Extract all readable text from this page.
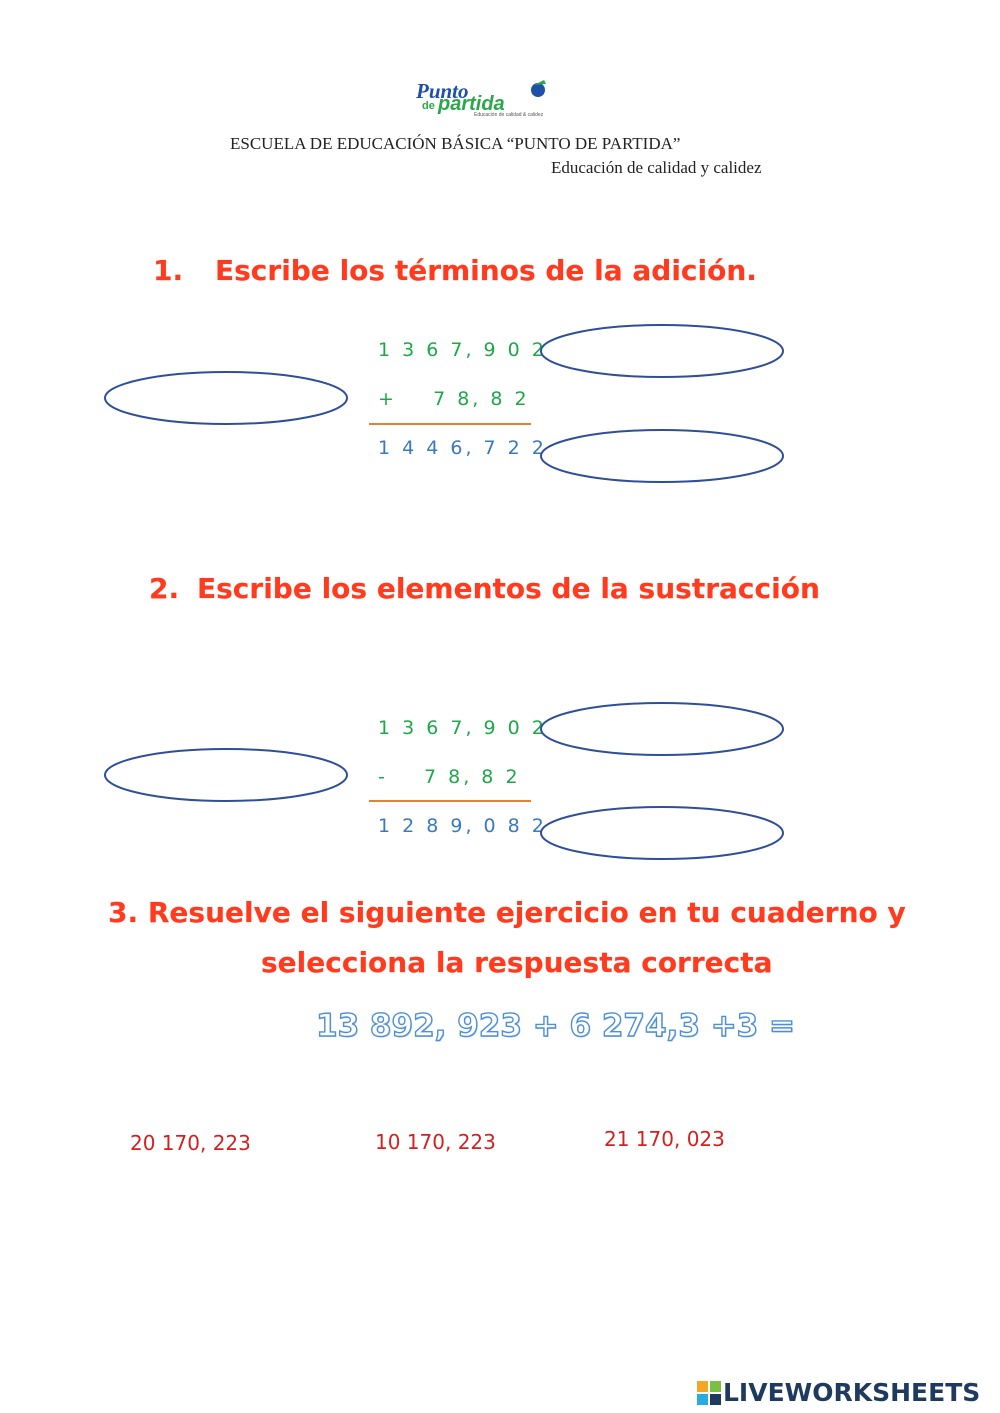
Punto
de partida
Educación de calidad & calidez
ESCUELA DE EDUCACIÓN BÁSICA “PUNTO DE PARTIDA”
Educación de calidad y calidez
1. Escribe los términos de la adición.
1 3 6 7, 9 0 2
+    7 8, 8 2
1 4 4 6, 7 2 2
2. Escribe los elementos de la sustracción
1 3 6 7, 9 0 2
-    7 8, 8 2
1 2 8 9, 0 8 2
3. Resuelve el siguiente ejercicio en tu cuaderno y
selecciona la respuesta correcta
13 892, 923 + 6 274,3 +3 =
20 170, 223	10 170, 223	21 170, 023
LIVEWORKSHEETS
